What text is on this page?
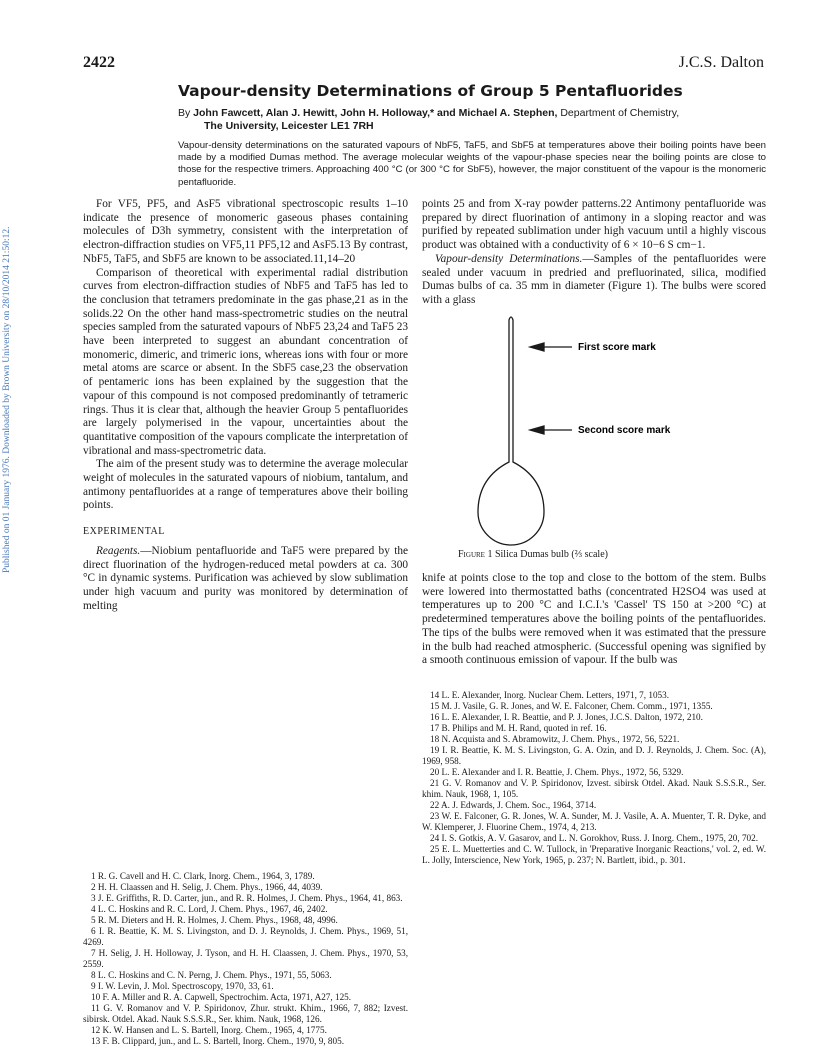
2422	J.C.S. Dalton
Published on 01 January 1976. Downloaded by Brown University on 28/10/2014 21:50:12.
Vapour-density Determinations of Group 5 Pentafluorides
By John Fawcett, Alan J. Hewitt, John H. Holloway,* and Michael A. Stephen, Department of Chemistry,
The University, Leicester LE1 7RH
Vapour-density determinations on the saturated vapours of NbF5, TaF5, and SbF5 at temperatures above their boiling points have been made by a modified Dumas method. The average molecular weights of the vapour-phase species near the boiling points are close to those for the respective trimers. Approaching 400 °C (or 300 °C for SbF5), however, the major constituent of the vapour is the monomeric pentafluoride.

For VF5, PF5, and AsF5 vibrational spectroscopic results 1–10 indicate the presence of monomeric gaseous phases containing molecules of D3h symmetry, consistent with the interpretation of electron-diffraction studies on VF5,11 PF5,12 and AsF5.13 By contrast, NbF5, TaF5, and SbF5 are known to be associated.11,14–20

Comparison of theoretical with experimental radial distribution curves from electron-diffraction studies of NbF5 and TaF5 has led to the conclusion that tetramers predominate in the gas phase,21 as in the solids.22 On the other hand mass-spectrometric studies on the neutral species sampled from the saturated vapours of NbF5 23,24 and TaF5 23 have been interpreted to suggest an abundant concentration of monomeric, dimeric, and trimeric ions, whereas ions with four or more metal atoms are scarce or absent. In the SbF5 case,23 the observation of pentameric ions has been explained by the suggestion that the vapour of this compound is not composed predominantly of tetrameric rings. Thus it is clear that, although the heavier Group 5 pentafluorides are largely polymerised in the vapour, uncertainties about the quantitative composition of the vapours complicate the interpretation of vibrational and mass-spectrometric data.

The aim of the present study was to determine the average molecular weight of molecules in the saturated vapours of niobium, tantalum, and antimony pentafluorides at a range of temperatures above their boiling points.

EXPERIMENTAL

Reagents.—Niobium pentafluoride and TaF5 were prepared by the direct fluorination of the hydrogen-reduced metal powders at ca. 300 °C in dynamic systems. Purification was achieved by slow sublimation under high vacuum and purity was monitored by determination of melting

1 R. G. Cavell and H. C. Clark, Inorg. Chem., 1964, 3, 1789.
2 H. H. Claassen and H. Selig, J. Chem. Phys., 1966, 44, 4039.
3 J. E. Griffiths, R. D. Carter, jun., and R. R. Holmes, J. Chem. Phys., 1964, 41, 863.
4 L. C. Hoskins and R. C. Lord, J. Chem. Phys., 1967, 46, 2402.
5 R. M. Dieters and H. R. Holmes, J. Chem. Phys., 1968, 48, 4996.
6 I. R. Beattie, K. M. S. Livingston, and D. J. Reynolds, J. Chem. Phys., 1969, 51, 4269.
7 H. Selig, J. H. Holloway, J. Tyson, and H. H. Claassen, J. Chem. Phys., 1970, 53, 2559.
8 L. C. Hoskins and C. N. Perng, J. Chem. Phys., 1971, 55, 5063.
9 I. W. Levin, J. Mol. Spectroscopy, 1970, 33, 61.
10 F. A. Miller and R. A. Capwell, Spectrochim. Acta, 1971, A27, 125.
11 G. V. Romanov and V. P. Spiridonov, Zhur. strukt. Khim., 1966, 7, 882; Izvest. sibirsk. Otdel. Akad. Nauk S.S.S.R., Ser. khim. Nauk, 1968, 126.
12 K. W. Hansen and L. S. Bartell, Inorg. Chem., 1965, 4, 1775.
13 F. B. Clippard, jun., and L. S. Bartell, Inorg. Chem., 1970, 9, 805.

points 25 and from X-ray powder patterns.22 Antimony pentafluoride was prepared by direct fluorination of antimony in a sloping reactor and was purified by repeated sublimation under high vacuum until a highly viscous product was obtained with a conductivity of 6 × 10−6 S cm−1.

Vapour-density Determinations.—Samples of the pentafluorides were sealed under vacuum in predried and prefluorinated, silica, modified Dumas bulbs of ca. 35 mm in diameter (Figure 1). The bulbs were scored with a glass

knife at points close to the top and close to the bottom of the stem. Bulbs were lowered into thermostatted baths (concentrated H2SO4 was used at temperatures up to 200 °C and I.C.I.'s 'Cassel' TS 150 at >200 °C) at predetermined temperatures above the boiling points of the pentafluorides. The tips of the bulbs were removed when it was estimated that the pressure in the bulb had reached atmospheric. (Successful opening was signified by a smooth continuous emission of vapour. If the bulb was

14 L. E. Alexander, Inorg. Nuclear Chem. Letters, 1971, 7, 1053.
15 M. J. Vasile, G. R. Jones, and W. E. Falconer, Chem. Comm., 1971, 1355.
16 L. E. Alexander, I. R. Beattie, and P. J. Jones, J.C.S. Dalton, 1972, 210.
17 B. Philips and M. H. Rand, quoted in ref. 16.
18 N. Acquista and S. Abramowitz, J. Chem. Phys., 1972, 56, 5221.
19 I. R. Beattie, K. M. S. Livingston, G. A. Ozin, and D. J. Reynolds, J. Chem. Soc. (A), 1969, 958.
20 L. E. Alexander and I. R. Beattie, J. Chem. Phys., 1972, 56, 5329.
21 G. V. Romanov and V. P. Spiridonov, Izvest. sibirsk Otdel. Akad. Nauk S.S.S.R., Ser. khim. Nauk, 1968, 1, 105.
22 A. J. Edwards, J. Chem. Soc., 1964, 3714.
23 W. E. Falconer, G. R. Jones, W. A. Sunder, M. J. Vasile, A. A. Muenter, T. R. Dyke, and W. Klemperer, J. Fluorine Chem., 1974, 4, 213.
24 I. S. Gotkis, A. V. Gasarov, and L. N. Gorokhov, Russ. J. Inorg. Chem., 1975, 20, 702.
25 E. L. Muetterties and C. W. Tullock, in 'Preparative Inorganic Reactions,' vol. 2, ed. W. L. Jolly, Interscience, New York, 1965, p. 237; N. Bartlett, ibid., p. 301.
First score mark
Second score mark
Figure 1 Silica Dumas bulb (⅔ scale)
